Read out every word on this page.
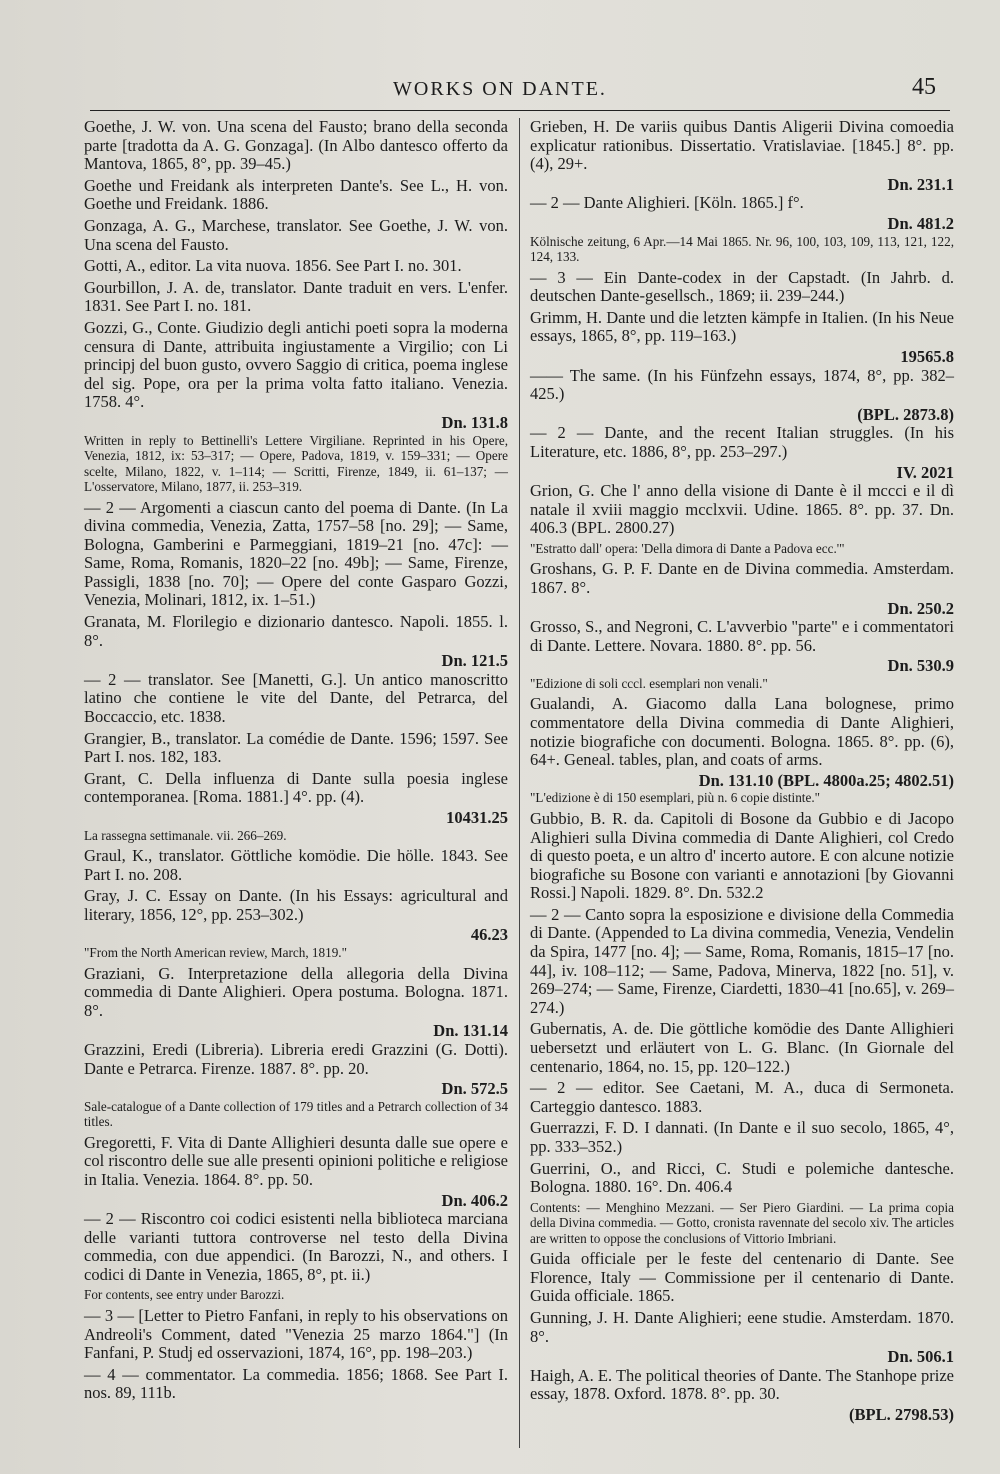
WORKS ON DANTE.	45

Goethe, J. W. von. Una scena del Fausto; brano della seconda parte [tradotta da A. G. Gonzaga]. (In Albo dantesco offerto da Mantova, 1865, 8°, pp. 39–45.)

Goethe und Freidank als interpreten Dante's. See L., H. von. Goethe und Freidank. 1886.

Gonzaga, A. G., Marchese, translator. See Goethe, J. W. von. Una scena del Fausto.

Gotti, A., editor. La vita nuova. 1856. See Part I. no. 301.

Gourbillon, J. A. de, translator. Dante traduit en vers. L'enfer. 1831. See Part I. no. 181.

Gozzi, G., Conte. Giudizio degli antichi poeti sopra la moderna censura di Dante, attribuita ingiustamente a Virgilio; con Li principj del buon gusto, ovvero Saggio di critica, poema inglese del sig. Pope, ora per la prima volta fatto italiano. Venezia. 1758. 4°.

Dn. 131.8

Written in reply to Bettinelli's Lettere Virgiliane. Reprinted in his Opere, Venezia, 1812, ix: 53–317; — Opere, Padova, 1819, v. 159–331; — Opere scelte, Milano, 1822, v. 1–114; — Scritti, Firenze, 1849, ii. 61–137; — L'osservatore, Milano, 1877, ii. 253–319.

— 2 — Argomenti a ciascun canto del poema di Dante. (In La divina commedia, Venezia, Zatta, 1757–58 [no. 29]; — Same, Bologna, Gamberini e Parmeggiani, 1819–21 [no. 47c]: — Same, Roma, Romanis, 1820–22 [no. 49b]; — Same, Firenze, Passigli, 1838 [no. 70]; — Opere del conte Gasparo Gozzi, Venezia, Molinari, 1812, ix. 1–51.)

Granata, M. Florilegio e dizionario dantesco. Napoli. 1855. l. 8°.

Dn. 121.5

— 2 — translator. See [Manetti, G.]. Un antico manoscritto latino che contiene le vite del Dante, del Petrarca, del Boccaccio, etc. 1838.

Grangier, B., translator. La comédie de Dante. 1596; 1597. See Part I. nos. 182, 183.

Grant, C. Della influenza di Dante sulla poesia inglese contemporanea. [Roma. 1881.] 4°. pp. (4).

10431.25

La rassegna settimanale. vii. 266–269.

Graul, K., translator. Göttliche komödie. Die hölle. 1843. See Part I. no. 208.

Gray, J. C. Essay on Dante. (In his Essays: agricultural and literary, 1856, 12°, pp. 253–302.)

46.23

"From the North American review, March, 1819."

Graziani, G. Interpretazione della allegoria della Divina commedia di Dante Alighieri. Opera postuma. Bologna. 1871. 8°.

Dn. 131.14

Grazzini, Eredi (Libreria). Libreria eredi Grazzini (G. Dotti). Dante e Petrarca. Firenze. 1887. 8°. pp. 20.

Dn. 572.5

Sale-catalogue of a Dante collection of 179 titles and a Petrarch collection of 34 titles.

Gregoretti, F. Vita di Dante Allighieri desunta dalle sue opere e col riscontro delle sue alle presenti opinioni politiche e religiose in Italia. Venezia. 1864. 8°. pp. 50.

Dn. 406.2

— 2 — Riscontro coi codici esistenti nella biblioteca marciana delle varianti tuttora controverse nel testo della Divina commedia, con due appendici. (In Barozzi, N., and others. I codici di Dante in Venezia, 1865, 8°, pt. ii.)

For contents, see entry under Barozzi.

— 3 — [Letter to Pietro Fanfani, in reply to his observations on Andreoli's Comment, dated "Venezia 25 marzo 1864."] (In Fanfani, P. Studj ed osservazioni, 1874, 16°, pp. 198–203.)

— 4 — commentator. La commedia. 1856; 1868. See Part I. nos. 89, 111b.

Grieben, H. De variis quibus Dantis Aligerii Divina comoedia explicatur rationibus. Dissertatio. Vratislaviae. [1845.] 8°. pp. (4), 29+.

Dn. 231.1

— 2 — Dante Alighieri. [Köln. 1865.] f°.

Dn. 481.2

Kölnische zeitung, 6 Apr.—14 Mai 1865. Nr. 96, 100, 103, 109, 113, 121, 122, 124, 133.

— 3 — Ein Dante-codex in der Capstadt. (In Jahrb. d. deutschen Dante-gesellsch., 1869; ii. 239–244.)

Grimm, H. Dante und die letzten kämpfe in Italien. (In his Neue essays, 1865, 8°, pp. 119–163.)

19565.8

—— The same. (In his Fünfzehn essays, 1874, 8°, pp. 382–425.)

(BPL. 2873.8)

— 2 — Dante, and the recent Italian struggles. (In his Literature, etc. 1886, 8°, pp. 253–297.)

IV. 2021

Grion, G. Che l' anno della visione di Dante è il mccci e il dì natale il xviii maggio mcclxvii. Udine. 1865. 8°. pp. 37. Dn. 406.3 (BPL. 2800.27)

"Estratto dall' opera: 'Della dimora di Dante a Padova ecc.'"

Groshans, G. P. F. Dante en de Divina commedia. Amsterdam. 1867. 8°.

Dn. 250.2

Grosso, S., and Negroni, C. L'avverbio "parte" e i commentatori di Dante. Lettere. Novara. 1880. 8°. pp. 56.

Dn. 530.9

"Edizione di soli cccl. esemplari non venali."

Gualandi, A. Giacomo dalla Lana bolognese, primo commentatore della Divina commedia di Dante Alighieri, notizie biografiche con documenti. Bologna. 1865. 8°. pp. (6), 64+. Geneal. tables, plan, and coats of arms.

Dn. 131.10 (BPL. 4800a.25; 4802.51)

"L'edizione è di 150 esemplari, più n. 6 copie distinte."

Gubbio, B. R. da. Capitoli di Bosone da Gubbio e di Jacopo Alighieri sulla Divina commedia di Dante Alighieri, col Credo di questo poeta, e un altro d' incerto autore. E con alcune notizie biografiche su Bosone con varianti e annotazioni [by Giovanni Rossi.] Napoli. 1829. 8°. Dn. 532.2

— 2 — Canto sopra la esposizione e divisione della Commedia di Dante. (Appended to La divina commedia, Venezia, Vendelin da Spira, 1477 [no. 4]; — Same, Roma, Romanis, 1815–17 [no. 44], iv. 108–112; — Same, Padova, Minerva, 1822 [no. 51], v. 269–274; — Same, Firenze, Ciardetti, 1830–41 [no.65], v. 269–274.)

Gubernatis, A. de. Die göttliche komödie des Dante Allighieri uebersetzt und erläutert von L. G. Blanc. (In Giornale del centenario, 1864, no. 15, pp. 120–122.)

— 2 — editor. See Caetani, M. A., duca di Sermoneta. Carteggio dantesco. 1883.

Guerrazzi, F. D. I dannati. (In Dante e il suo secolo, 1865, 4°, pp. 333–352.)

Guerrini, O., and Ricci, C. Studi e polemiche dantesche. Bologna. 1880. 16°. Dn. 406.4

Contents: — Menghino Mezzani. — Ser Piero Giardini. — La prima copia della Divina commedia. — Gotto, cronista ravennate del secolo xiv. The articles are written to oppose the conclusions of Vittorio Imbriani.

Guida officiale per le feste del centenario di Dante. See Florence, Italy — Commissione per il centenario di Dante. Guida officiale. 1865.

Gunning, J. H. Dante Alighieri; eene studie. Amsterdam. 1870. 8°.

Dn. 506.1

Haigh, A. E. The political theories of Dante. The Stanhope prize essay, 1878. Oxford. 1878. 8°. pp. 30.

(BPL. 2798.53)
